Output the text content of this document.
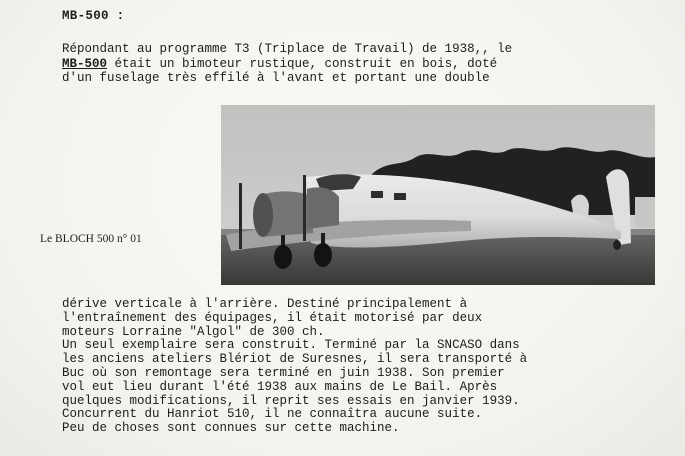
MB-500 :
Répondant au programme T3 (Triplace de Travail) de 1938,, le
MB-500 était un bimoteur rustique, construit en bois, doté
d'un fuselage très effilé à l'avant et portant une double
Le BLOCH 500 n° 01
dérive verticale à l'arrière. Destiné principalement à
l'entraînement des équipages, il était motorisé par deux
moteurs Lorraine "Algol" de 300 ch.
Un seul exemplaire sera construit. Terminé par la SNCASO dans
les anciens ateliers Blériot de Suresnes, il sera transporté à
Buc où son remontage sera terminé en juin 1938. Son premier
vol eut lieu durant l'été 1938 aux mains de Le Bail. Après
quelques modifications, il reprit ses essais en janvier 1939.
Concurrent du Hanriot 510, il ne connaîtra aucune suite.
Peu de choses sont connues sur cette machine.
